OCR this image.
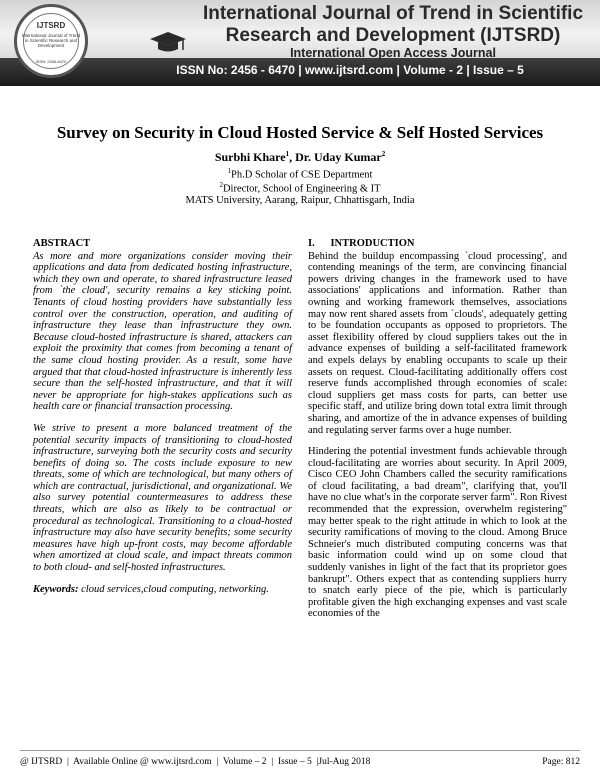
IJTSRD
International Journal of Trend in Scientific Research and Development
ISSN: 2456-6470
International Journal of Trend in Scientific Research and Development (IJTSRD)
International Open Access Journal
ISSN No: 2456 - 6470 | www.ijtsrd.com | Volume - 2 | Issue – 5
Survey on Security in Cloud Hosted Service & Self Hosted Services
Surbhi Khare$^1$, Dr. Uday Kumar$^2$
$^1$Ph.D Scholar of CSE Department
$^2$Director, School of Engineering & IT
MATS University, Aarang, Raipur, Chhattisgarh, India
ABSTRACT

As more and more organizations consider moving their applications and data from dedicated hosting infrastructure, which they own and operate, to shared infrastructure leased from `the cloud', security remains a key sticking point. Tenants of cloud hosting providers have substantially less control over the construction, operation, and auditing of infrastructure they lease than infrastructure they own. Because cloud-hosted infrastructure is shared, attackers can exploit the proximity that comes from becoming a tenant of the same cloud hosting provider. As a result, some have argued that that cloud-hosted infrastructure is inherently less secure than the self-hosted infrastructure, and that it will never be appropriate for high-stakes applications such as health care or financial transaction processing.

We strive to present a more balanced treatment of the potential security impacts of transitioning to cloud-hosted infrastructure, surveying both the security costs and security benefits of doing so. The costs include exposure to new threats, some of which are technological, but many others of which are contractual, jurisdictional, and organizational. We also survey potential countermeasures to address these threats, which are also as likely to be contractual or procedural as technological. Transitioning to a cloud-hosted infrastructure may also have security benefits; some security measures have high up-front costs, may become affordable when amortized at cloud scale, and impact threats common to both cloud- and self-hosted infrastructures.

Keywords: cloud services,cloud computing, networking.

I.      INTRODUCTION

Behind the buildup encompassing `cloud processing', and contending meanings of the term, are convincing financial powers driving changes in the framework used to have associations' applications and information. Rather than owning and working framework themselves, associations may now rent shared assets from `clouds', adequately getting to be foundation occupants as opposed to proprietors. The asset flexibility offered by cloud suppliers takes out the in advance expenses of building a self-facilitated framework and expels delays by enabling occupants to scale up their assets on request. Cloud-facilitating additionally offers cost reserve funds accomplished through economies of scale: cloud suppliers get mass costs for parts, can better use specific staff, and utilize bring down total extra limit through sharing, and amortize of the in advance expenses of building and regulating server farms over a huge number.

Hindering the potential investment funds achievable through cloud-facilitating are worries about security. In April 2009, Cisco CEO John Chambers called the security ramifications of cloud facilitating, a bad dream", clarifying that, you'll have no clue what's in the corporate server farm". Ron Rivest recommended that the expression, overwhelm registering" may better speak to the right attitude in which to look at the security ramifications of moving to the cloud. Among Bruce Schneier's much distributed computing concerns was that basic information could wind up on some cloud that suddenly vanishes in light of the fact that its proprietor goes bankrupt". Others expect that as contending suppliers hurry to snatch early piece of the pie, which is particularly profitable given the high exchanging expenses and vast scale economies of the

@ IJTSRD  |  Available Online @ www.ijtsrd.com  |  Volume – 2  |  Issue – 5  |Jul-Aug 2018	Page: 812
